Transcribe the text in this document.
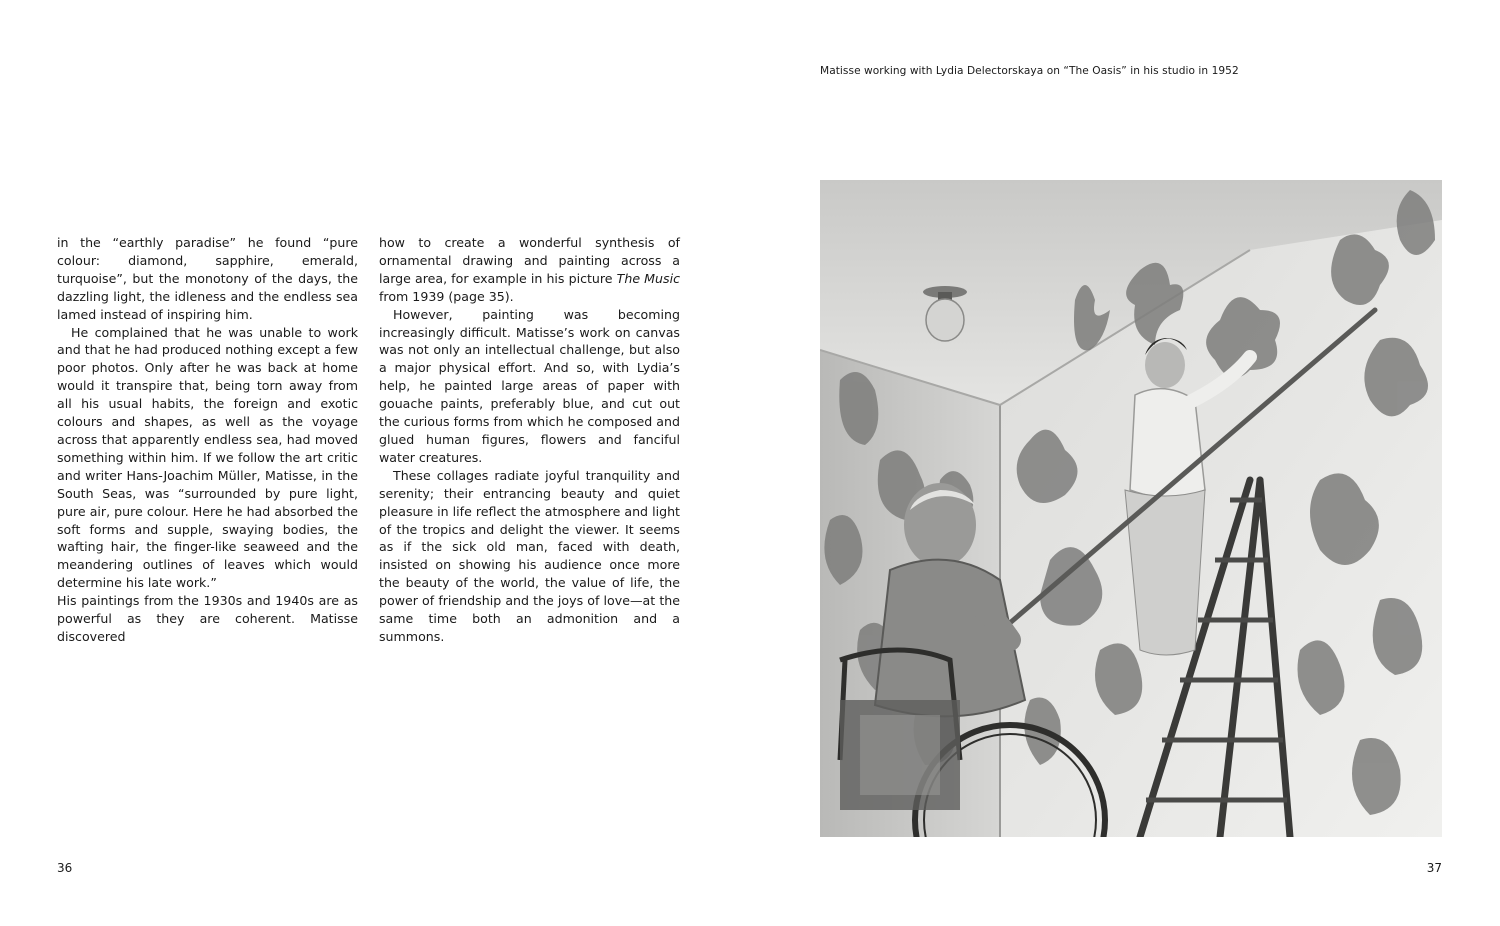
in the “earthly paradise” he found “pure colour: diamond, sapphire, emerald, turquoise”, but the monotony of the days, the dazzling light, the idleness and the endless sea lamed instead of inspiring him.

He complained that he was unable to work and that he had produced nothing except a few poor photos. Only after he was back at home would it transpire that, being torn away from all his usual habits, the foreign and exotic colours and shapes, as well as the voyage across that apparently endless sea, had moved something within him. If we follow the art critic and writer Hans-Joachim Müller, Matisse, in the South Seas, was “surrounded by pure light, pure air, pure colour. Here he had absorbed the soft forms and supple, swaying bodies, the wafting hair, the finger-like seaweed and the meandering outlines of leaves which would determine his late work.”

His paintings from the 1930s and 1940s are as powerful as they are coherent. Matisse discovered

how to create a wonderful synthesis of ornamental drawing and painting across a large area, for example in his picture The Music from 1939 (page 35).

However, painting was becoming increasingly difficult. Matisse’s work on canvas was not only an intellectual challenge, but also a major physical effort. And so, with Lydia’s help, he painted large areas of paper with gouache paints, preferably blue, and cut out the curious forms from which he composed and glued human figures, flowers and fanciful water creatures.

These collages radiate joyful tranquility and serenity; their entrancing beauty and quiet pleasure in life reflect the atmosphere and light of the tropics and delight the viewer. It seems as if the sick old man, faced with death, insisted on showing his audience once more the beauty of the world, the value of life, the power of friendship and the joys of love—at the same time both an admonition and a summons.

36	37
Matisse working with Lydia Delectorskaya on “The Oasis” in his studio in 1952
